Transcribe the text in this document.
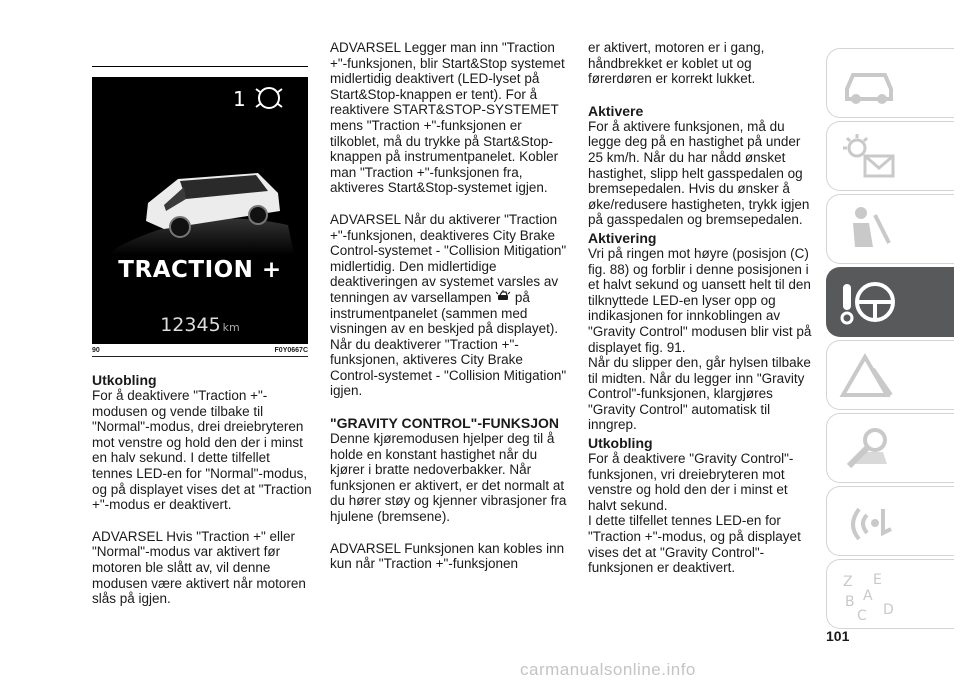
1
TRACTION +
12345 km
90	F0Y0667C
Utkobling

For å deaktivere "Traction +"-modusen og vende tilbake til "Normal"-modus, drei dreiebryteren mot venstre og hold den der i minst en halv sekund. I dette tilfellet tennes LED-en for "Normal"-modus, og på displayet vises det at "Traction +"-modus er deaktivert.

ADVARSEL Hvis "Traction +" eller "Normal"-modus var aktivert før motoren ble slått av, vil denne modusen være aktivert når motoren slås på igjen.

ADVARSEL Legger man inn "Traction +"-funksjonen, blir Start&Stop systemet midlertidig deaktivert (LED-lyset på Start&Stop-knappen er tent). For å reaktivere START&STOP-SYSTEMET mens "Traction +"-funksjonen er tilkoblet, må du trykke på Start&Stop-knappen på instrumentpanelet. Kobler man "Traction +"-funksjonen fra, aktiveres Start&Stop-systemet igjen.

ADVARSEL Når du aktiverer "Traction +"-funksjonen, deaktiveres City Brake Control-systemet - "Collision Mitigation" midlertidig. Den midlertidige deaktiveringen av systemet varsles av tenningen av varsellampen på instrumentpanelet (sammen med visningen av en beskjed på displayet). Når du deaktiverer "Traction +"-funksjonen, aktiveres City Brake Control-systemet - "Collision Mitigation" igjen.

"GRAVITY CONTROL"-FUNKSJON

Denne kjøremodusen hjelper deg til å holde en konstant hastighet når du kjører i bratte nedoverbakker. Når funksjonen er aktivert, er det normalt at du hører støy og kjenner vibrasjoner fra hjulene (bremsene).

ADVARSEL Funksjonen kan kobles inn kun når "Traction +"-funksjonen

er aktivert, motoren er i gang, håndbrekket er koblet ut og førerdøren er korrekt lukket.

Aktivere

For å aktivere funksjonen, må du legge deg på en hastighet på under 25 km/h. Når du har nådd ønsket hastighet, slipp helt gasspedalen og bremsepedalen. Hvis du ønsker å øke/redusere hastigheten, trykk igjen på gasspedalen og bremsepedalen.

Aktivering

Vri på ringen mot høyre (posisjon (C) fig. 88) og forblir i denne posisjonen i et halvt sekund og uansett helt til den tilknyttede LED-en lyser opp og indikasjonen for innkoblingen av "Gravity Control" modusen blir vist på displayet fig. 91.

Når du slipper den, går hylsen tilbake til midten. Når du legger inn "Gravity Control"-funksjonen, klargjøres "Gravity Control" automatisk til inngrep.

Utkobling

For å deaktivere "Gravity Control"-funksjonen, vri dreiebryteren mot venstre og hold den der i minst et halvt sekund.

I dette tilfellet tennes LED-en for "Traction +"-modus, og på displayet vises det at "Gravity Control"-funksjonen er deaktivert.

Z E
B A
C D
101
carmanualsonline.info
